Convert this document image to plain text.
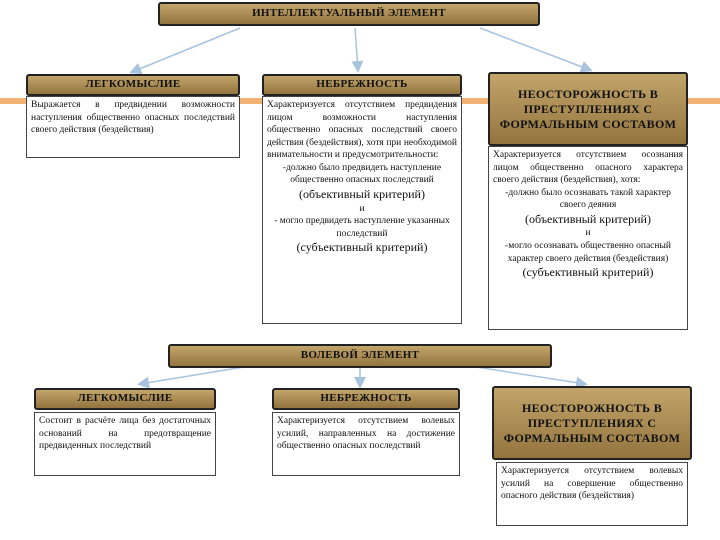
ИНТЕЛЛЕКТУАЛЬНЫЙ ЭЛЕМЕНТ
ЛЕГКОМЫСЛИЕ
Выражается в предвидении возможности наступления общественно опасных последствий своего действия (бездействия)
НЕБРЕЖНОСТЬ
Характеризуется отсутствием предвидения лицом возможности наступления общественно опасных последствий своего действия (бездействия), хотя при необходимой внимательности и предусмотрительности:
-должно было предвидеть наступление общественно опасных последствий
(объективный критерий)
и
- могло предвидеть наступление указанных последствий
(субъективный критерий)
НЕОСТОРОЖНОСТЬ В ПРЕСТУПЛЕНИЯХ С ФОРМАЛЬНЫМ СОСТАВОМ
Характеризуется отсутствием осознания лицом общественно опасного характера своего действия (бездействия), хотя:
-должно было осознавать такой характер своего деяния
(объективный критерий)
и
-могло осознавать общественно опасный характер своего действия (бездействия)
(субъективный критерий)
ВОЛЕВОЙ ЭЛЕМЕНТ
ЛЕГКОМЫСЛИЕ
Состоит в расчёте лица без достаточных оснований на предотвращение предвиденных последствий
НЕБРЕЖНОСТЬ
Характеризуется отсутствием волевых усилий, направленных на достижение общественно опасных последствий
НЕОСТОРОЖНОСТЬ В ПРЕСТУПЛЕНИЯХ С ФОРМАЛЬНЫМ СОСТАВОМ
Характеризуется отсутствием волевых усилий на совершение общественно опасного действия (бездействия)
